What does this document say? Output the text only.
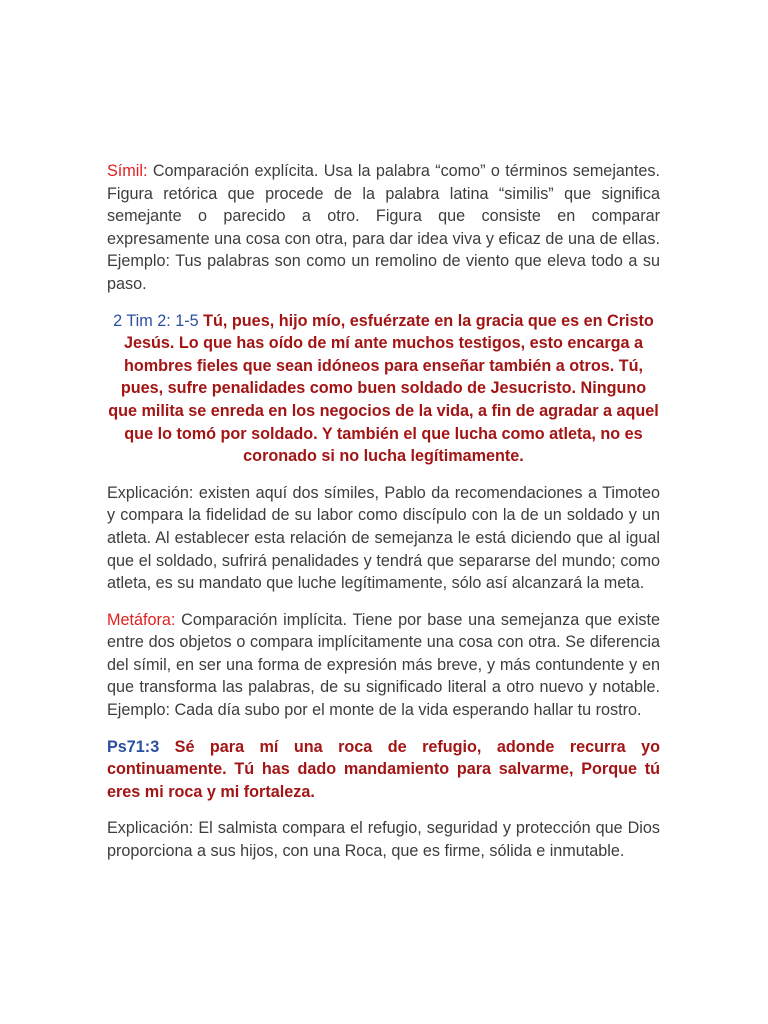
Símil: Comparación explícita. Usa la palabra “como” o términos semejantes. Figura retórica que procede de la palabra latina “similis” que significa semejante o parecido a otro. Figura que consiste en comparar expresamente una cosa con otra, para dar idea viva y eficaz de una de ellas. Ejemplo: Tus palabras son como un remolino de viento que eleva todo a su paso.

2 Tim 2: 1-5 Tú, pues, hijo mío, esfuérzate en la gracia que es en Cristo Jesús. Lo que has oído de mí ante muchos testigos, esto encarga a hombres fieles que sean idóneos para enseñar también a otros. Tú, pues, sufre penalidades como buen soldado de Jesucristo. Ninguno que milita se enreda en los negocios de la vida, a fin de agradar a aquel que lo tomó por soldado. Y también el que lucha como atleta, no es coronado si no lucha legítimamente.

Explicación: existen aquí dos símiles, Pablo da recomendaciones a Timoteo y compara la fidelidad de su labor como discípulo con la de un soldado y un atleta. Al establecer esta relación de semejanza le está diciendo que al igual que el soldado, sufrirá penalidades y tendrá que separarse del mundo; como atleta, es su mandato que luche legítimamente, sólo así alcanzará la meta.

Metáfora: Comparación implícita. Tiene por base una semejanza que existe entre dos objetos o compara implícitamente una cosa con otra. Se diferencia del símil, en ser una forma de expresión más breve, y más contundente y en que transforma las palabras, de su significado literal a otro nuevo y notable. Ejemplo: Cada día subo por el monte de la vida esperando hallar tu rostro.

Ps71:3 Sé para mí una roca de refugio, adonde recurra yo continuamente. Tú has dado mandamiento para salvarme, Porque tú eres mi roca y mi fortaleza.

Explicación: El salmista compara el refugio, seguridad y protección que Dios proporciona a sus hijos, con una Roca, que es firme, sólida e inmutable.
